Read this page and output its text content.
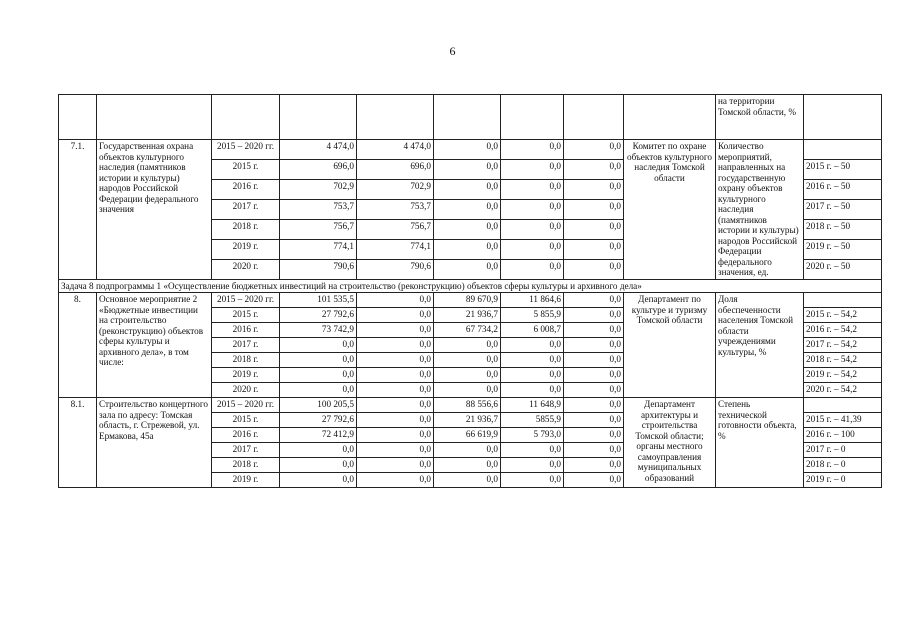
6
									на территории Томской области, %	
7.1.	Государственная охрана объектов культурного наследия (памятников истории и культуры) народов Российской Федерации федерального значения	2015 – 2020 гг.	4 474,0	4 474,0	0,0	0,0	0,0	Комитет по охране объектов культурного наследия Томской области	Количество мероприятий, направленных на государственную охрану объектов культурного наследия (памятников истории и культуры) народов Российской Федерации федерального значения, ед.	
		2015 г.	696,0	696,0	0,0	0,0	0,0			2015 г. – 50
		2016 г.	702,9	702,9	0,0	0,0	0,0			2016 г. – 50
		2017 г.	753,7	753,7	0,0	0,0	0,0			2017 г. – 50
		2018 г.	756,7	756,7	0,0	0,0	0,0			2018 г. – 50
		2019 г.	774,1	774,1	0,0	0,0	0,0			2019 г. – 50
		2020 г.	790,6	790,6	0,0	0,0	0,0			2020 г. – 50
Задача 8 подпрограммы 1 «Осуществление бюджетных инвестиций на строительство (реконструкцию) объектов сферы культуры и архивного дела»										
8.	Основное мероприятие 2 «Бюджетные инвестиции на строительство (реконструкцию) объектов сферы культуры и архивного дела», в том числе:	2015 – 2020 гг.	101 535,5	0,0	89 670,9	11 864,6	0,0	Департамент по культуре и туризму Томской области	Доля обеспеченности населения Томской области учреждениями культуры, %	
		2015 г.	27 792,6	0,0	21 936,7	5 855,9	0,0			2015 г. – 54,2
		2016 г.	73 742,9	0,0	67 734,2	6 008,7	0,0			2016 г. – 54,2
		2017 г.	0,0	0,0	0,0	0,0	0,0			2017 г. – 54,2
		2018 г.	0,0	0,0	0,0	0,0	0,0			2018 г. – 54,2
		2019 г.	0,0	0,0	0,0	0,0	0,0			2019 г. – 54,2
		2020 г.	0,0	0,0	0,0	0,0	0,0			2020 г. – 54,2
8.1.	Строительство концертного зала по адресу: Томская область, г. Стрежевой, ул. Ермакова, 45а	2015 – 2020 гг.	100 205,5	0,0	88 556,6	11 648,9	0,0	Департамент архитектуры и строительства Томской области; органы местного самоуправления муниципальных образований	Степень технической готовности объекта, %	
		2015 г.	27 792,6	0,0	21 936,7	5855,9	0,0			2015 г. – 41,39
		2016 г.	72 412,9	0,0	66 619,9	5 793,0	0,0			2016 г. – 100
		2017 г.	0,0	0,0	0,0	0,0	0,0			2017 г. – 0
		2018 г.	0,0	0,0	0,0	0,0	0,0			2018 г. – 0
		2019 г.	0,0	0,0	0,0	0,0	0,0			2019 г. – 0
